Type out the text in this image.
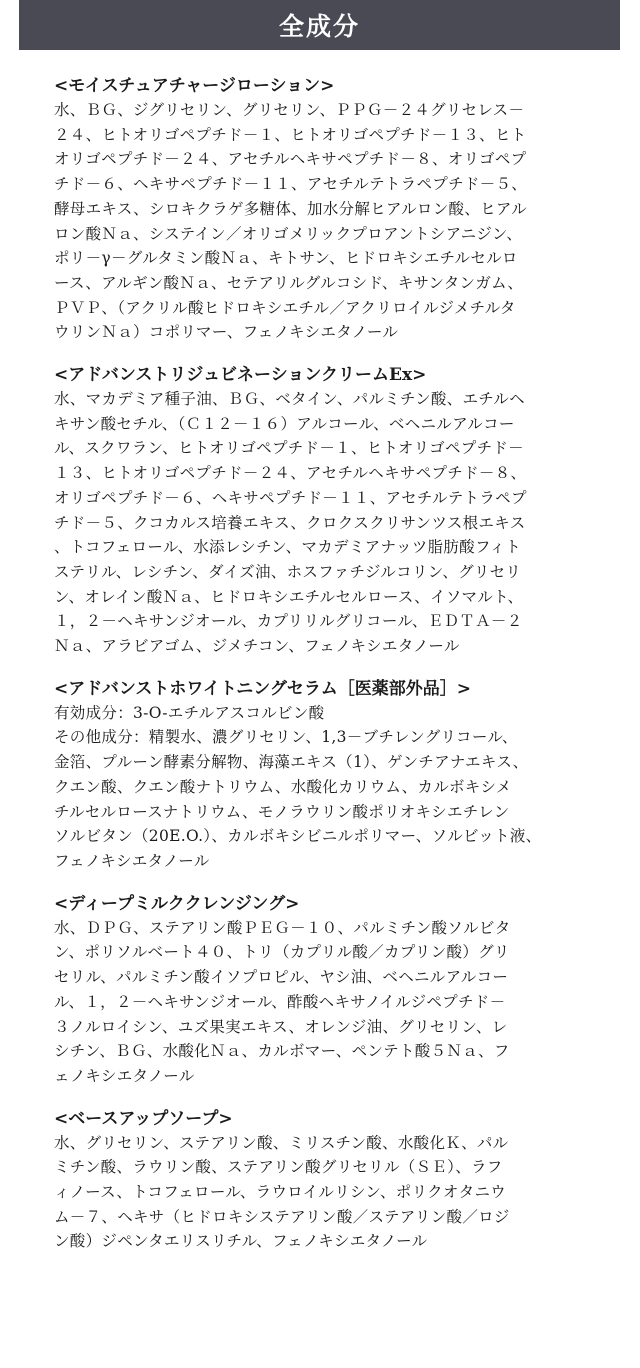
全成分
<モイスチュアチャージローション>
水、ＢＧ、ジグリセリン、グリセリン、ＰＰＧ－２４グリセレス－
２４、ヒトオリゴペプチド－１、ヒトオリゴペプチド－１３、ヒト
オリゴペプチド－２４、アセチルヘキサペプチド－８、オリゴペプ
チド－６、ヘキサペプチド－１１、アセチルテトラペプチド－５、
酵母エキス、シロキクラゲ多糖体、加水分解ヒアルロン酸、ヒアル
ロン酸Ｎａ、システイン／オリゴメリックプロアントシアニジン、
ポリ－γ－グルタミン酸Ｎａ、キトサン、ヒドロキシエチルセルロ
ース、アルギン酸Ｎａ、セテアリルグルコシド、キサンタンガム、
ＰＶＰ、（アクリル酸ヒドロキシエチル／アクリロイルジメチルタ
ウリンＮａ）コポリマー、フェノキシエタノール
<アドバンストリジュビネーションクリームEx>
水、マカデミア種子油、ＢＧ、ベタイン、パルミチン酸、エチルヘ
キサン酸セチル、（Ｃ１２－１６）アルコール、ベヘニルアルコー
ル、スクワラン、ヒトオリゴペプチド－１、ヒトオリゴペプチド－
１３、ヒトオリゴペプチド－２４、アセチルヘキサペプチド－８、
オリゴペプチド－６、ヘキサペプチド－１１、アセチルテトラペプ
チド－５、クコカルス培養エキス、クロクスクリサンツス根エキス
、トコフェロール、水添レシチン、マカデミアナッツ脂肪酸フィト
ステリル、レシチン、ダイズ油、ホスファチジルコリン、グリセリ
ン、オレイン酸Ｎａ、ヒドロキシエチルセルロース、イソマルト、
１，２－ヘキサンジオール、カプリリルグリコール、ＥＤＴＡ－２
Ｎａ、アラビアゴム、ジメチコン、フェノキシエタノール
<アドバンストホワイトニングセラム［医薬部外品］>
有効成分：3-O-エチルアスコルビン酸
その他成分：精製水、濃グリセリン、1,3－ブチレングリコール、
金箔、プルーン酵素分解物、海藻エキス（1）、ゲンチアナエキス、
クエン酸、クエン酸ナトリウム、水酸化カリウム、カルボキシメ
チルセルロースナトリウム、モノラウリン酸ポリオキシエチレン
ソルビタン（20E.O.）、カルボキシビニルポリマー、ソルビット液、
フェノキシエタノール
<ディープミルククレンジング>
水、ＤＰＧ、ステアリン酸ＰＥＧ－１０、パルミチン酸ソルビタ
ン、ポリソルベート４０、トリ（カプリル酸／カプリン酸）グリ
セリル、パルミチン酸イソプロピル、ヤシ油、ベヘニルアルコー
ル、１，２－ヘキサンジオール、酢酸ヘキサノイルジペプチド－
３ノルロイシン、ユズ果実エキス、オレンジ油、グリセリン、レ
シチン、ＢＧ、水酸化Ｎａ、カルボマー、ペンテト酸５Ｎａ、フ
ェノキシエタノール
<ベースアップソープ>
水、グリセリン、ステアリン酸、ミリスチン酸、水酸化Ｋ、パル
ミチン酸、ラウリン酸、ステアリン酸グリセリル（ＳＥ）、ラフ
ィノース、トコフェロール、ラウロイルリシン、ポリクオタニウ
ム－７、ヘキサ（ヒドロキシステアリン酸／ステアリン酸／ロジ
ン酸）ジペンタエリスリチル、フェノキシエタノール
